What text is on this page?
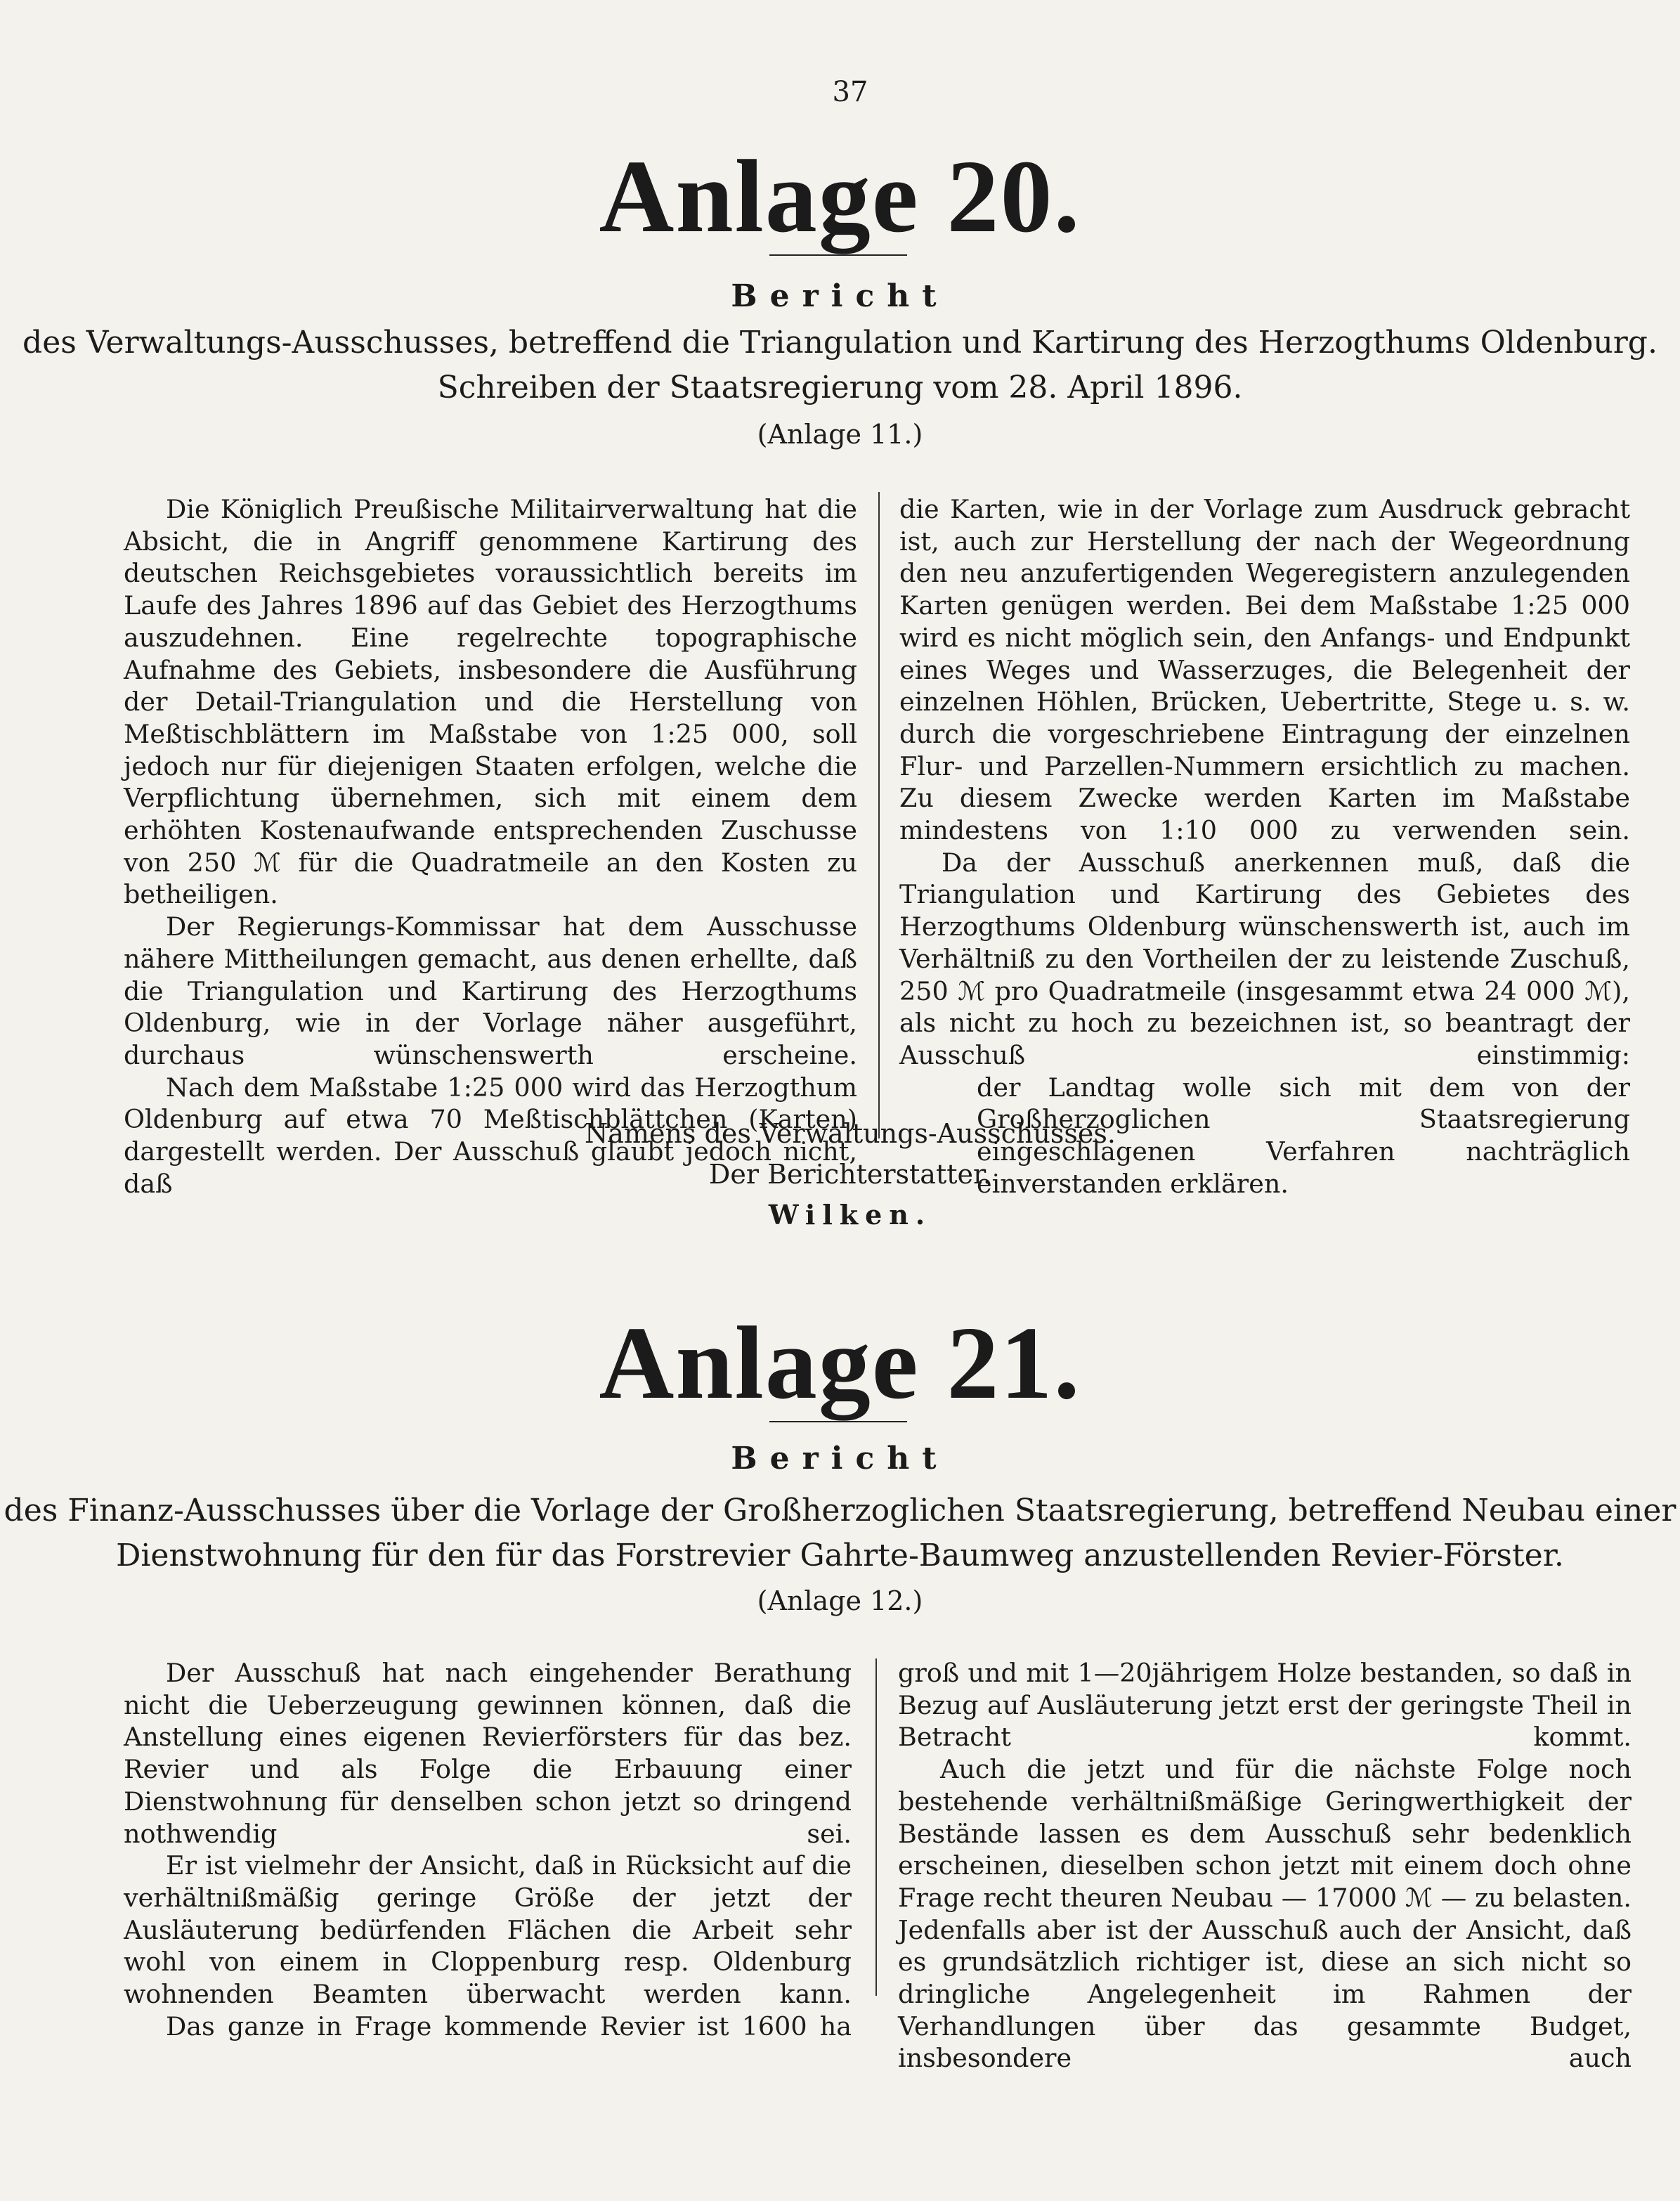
37
Anlage 20.
Bericht
des Verwaltungs-Ausschusses, betreffend die Triangulation und Kartirung des Herzogthums Oldenburg.
Schreiben der Staatsregierung vom 28. April 1896.
(Anlage 11.)

Die Königlich Preußische Militairverwaltung hat die Absicht, die in Angriff genommene Kartirung des deutschen Reichsgebietes voraussichtlich bereits im Laufe des Jahres 1896 auf das Gebiet des Herzogthums auszudehnen. Eine regelrechte topographische Aufnahme des Gebiets, insbesondere die Ausführung der Detail-Triangulation und die Herstellung von Meßtischblättern im Maßstabe von 1:25 000, soll jedoch nur für diejenigen Staaten erfolgen, welche die Verpflichtung übernehmen, sich mit einem dem erhöhten Kostenaufwande entsprechenden Zuschusse von 250 ℳ für die Quadratmeile an den Kosten zu betheiligen.

Der Regierungs-Kommissar hat dem Ausschusse nähere Mittheilungen gemacht, aus denen erhellte, daß die Triangulation und Kartirung des Herzogthums Oldenburg, wie in der Vorlage näher ausgeführt, durchaus wünschenswerth erscheine.

Nach dem Maßstabe 1:25 000 wird das Herzogthum Oldenburg auf etwa 70 Meßtischblättchen (Karten) dargestellt werden. Der Ausschuß glaubt jedoch nicht, daß

die Karten, wie in der Vorlage zum Ausdruck gebracht ist, auch zur Herstellung der nach der Wegeordnung den neu anzufertigenden Wegeregistern anzulegenden Karten genügen werden. Bei dem Maßstabe 1:25 000 wird es nicht möglich sein, den Anfangs- und Endpunkt eines Weges und Wasserzuges, die Belegenheit der einzelnen Höhlen, Brücken, Uebertritte, Stege u. s. w. durch die vorgeschriebene Eintragung der einzelnen Flur- und Parzellen-Nummern ersichtlich zu machen. Zu diesem Zwecke werden Karten im Maßstabe mindestens von 1:10 000 zu verwenden sein.

Da der Ausschuß anerkennen muß, daß die Triangulation und Kartirung des Gebietes des Herzogthums Oldenburg wünschenswerth ist, auch im Verhältniß zu den Vortheilen der zu leistende Zuschuß, 250 ℳ pro Quadratmeile (insgesammt etwa 24 000 ℳ), als nicht zu hoch zu bezeichnen ist, so beantragt der Ausschuß einstimmig:

der Landtag wolle sich mit dem von der Großherzoglichen Staatsregierung eingeschlagenen Verfahren nachträglich einverstanden erklären.

Namens des Verwaltungs-Ausschusses.
Der Berichterstatter.
Wilken.
Anlage 21.
Bericht
des Finanz-Ausschusses über die Vorlage der Großherzoglichen Staatsregierung, betreffend Neubau einer
Dienstwohnung für den für das Forstrevier Gahrte-Baumweg anzustellenden Revier-Förster.
(Anlage 12.)

Der Ausschuß hat nach eingehender Berathung nicht die Ueberzeugung gewinnen können, daß die Anstellung eines eigenen Revierförsters für das bez. Revier und als Folge die Erbauung einer Dienstwohnung für denselben schon jetzt so dringend nothwendig sei.

Er ist vielmehr der Ansicht, daß in Rücksicht auf die verhältnißmäßig geringe Größe der jetzt der Ausläuterung bedürfenden Flächen die Arbeit sehr wohl von einem in Cloppenburg resp. Oldenburg wohnenden Beamten überwacht werden kann.

Das ganze in Frage kommende Revier ist 1600 ha

groß und mit 1—20jährigem Holze bestanden, so daß in Bezug auf Ausläuterung jetzt erst der geringste Theil in Betracht kommt.

Auch die jetzt und für die nächste Folge noch bestehende verhältnißmäßige Geringwerthigkeit der Bestände lassen es dem Ausschuß sehr bedenklich erscheinen, dieselben schon jetzt mit einem doch ohne Frage recht theuren Neubau — 17000 ℳ — zu belasten. Jedenfalls aber ist der Ausschuß auch der Ansicht, daß es grundsätzlich richtiger ist, diese an sich nicht so dringliche Angelegenheit im Rahmen der Verhandlungen über das gesammte Budget, insbesondere auch
